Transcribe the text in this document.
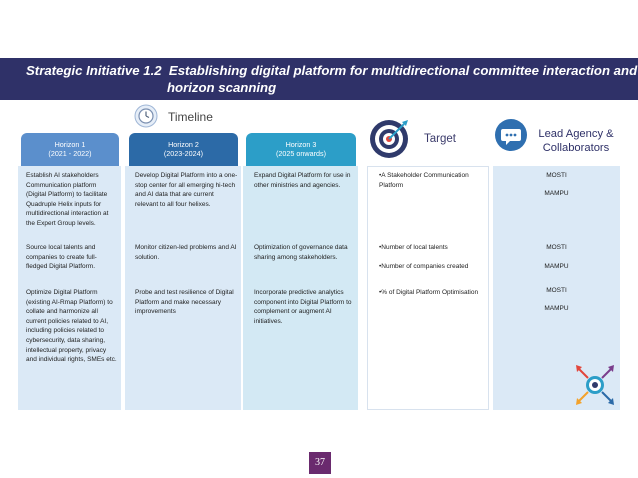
Strategic Initiative 1.2 Establishing digital platform for multidirectional committee interaction and
horizon scanning
Timeline
Horizon 1
(2021 - 2022)
Horizon 2
(2023-2024)
Horizon 3
(2025 onwards)
Target	Lead Agency &
Collaborators
Establish AI stakeholders Communication platform (Digital Platform) to facilitate Quadruple Helix inputs for multidirectional interaction at the Expert Group levels.
Develop Digital Platform into a one-stop center for all emerging hi-tech and AI data that are current relevant to all four helixes.
Expand Digital Platform for use in other ministries and agencies.
• A Stakeholder Communication Platform
MOSTI
MAMPU
Source local talents and companies to create full-fledged Digital Platform.
Monitor citizen-led problems and AI solution.
Optimization of governance data sharing among stakeholders.
• Number of local talents
• Number of companies created
MOSTI
MAMPU
Optimize Digital Platform (existing AI-Rmap Platform) to collate and harmonize all current policies related to AI, including policies related to cybersecurity, data sharing, intellectual property, privacy and individual rights, SMEs etc.
Probe and test resilience of Digital Platform and make necessary improvements
Incorporate predictive analytics component into Digital Platform to complement or augment AI initiatives.
• % of Digital Platform Optimisation	MOSTI
MAMPU
37
